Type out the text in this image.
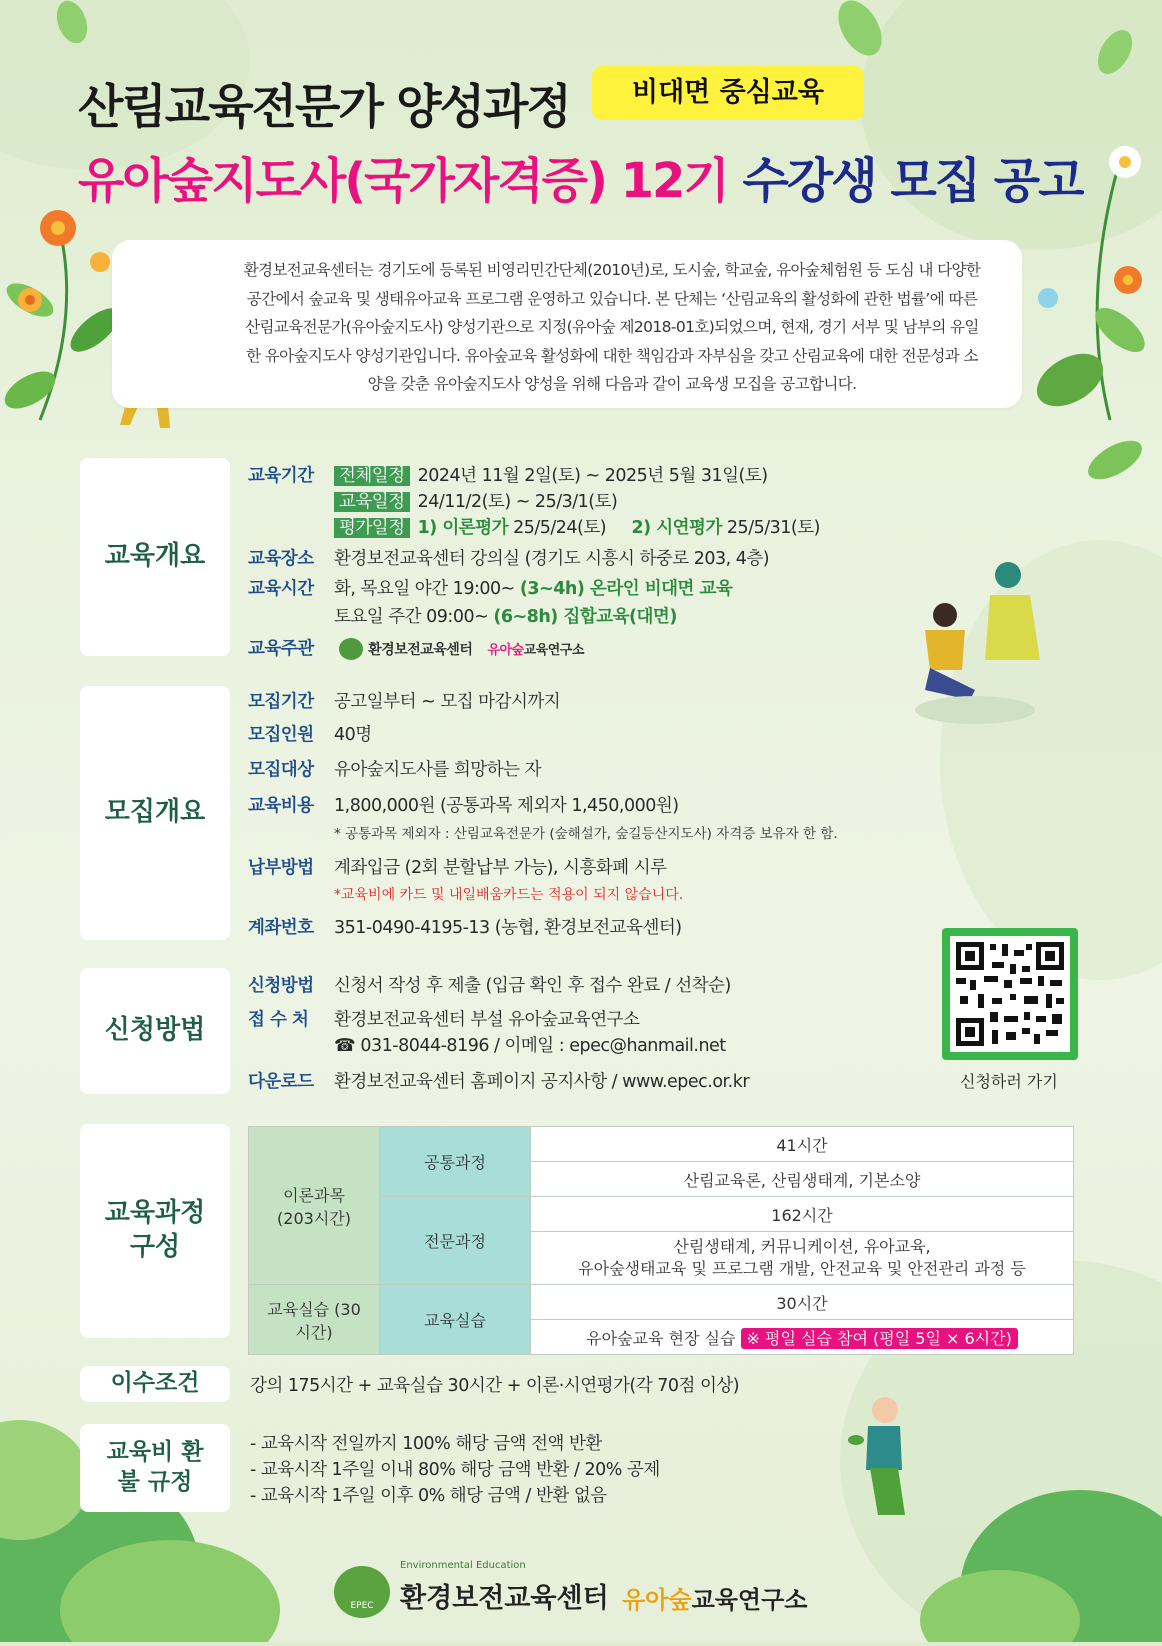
산림교육전문가 양성과정	비대면 중심교육
유아숲지도사(국가자격증) 12기 수강생 모집 공고

환경보전교육센터는 경기도에 등록된 비영리민간단체(2010년)로, 도시숲, 학교숲, 유아숲체험원 등 도심 내 다양한 공간에서 숲교육 및 생태유아교육 프로그램 운영하고 있습니다. 본 단체는 ‘산림교육의 활성화에 관한 법률’에 따른 산림교육전문가(유아숲지도사) 양성기관으로 지정(유아숲 제2018-01호)되었으며, 현재, 경기 서부 및 남부의 유일한 유아숲지도사 양성기관입니다. 유아숲교육 활성화에 대한 책임감과 자부심을 갖고 산림교육에 대한 전문성과 소양을 갖춘 유아숲지도사 양성을 위해 다음과 같이 교육생 모집을 공고합니다.

교육개요
교육기간 전체일정 2024년 11월 2일(토) ~ 2025년 5월 31일(토)
교육일정 24/11/2(토) ~ 25/3/1(토)
평가일정 1) 이론평가 25/5/24(토) 2) 시연평가 25/5/31(토)
교육장소 환경보전교육센터 강의실 (경기도 시흥시 하중로 203, 4층)
교육시간 화, 목요일 야간 19:00~ (3~4h) 온라인 비대면 교육
토요일 주간 09:00~ (6~8h) 집합교육(대면)
교육주관	환경보전교육센터 유아숲교육연구소
모집개요
모집기간 공고일부터 ~ 모집 마감시까지
모집인원 40명
모집대상 유아숲지도사를 희망하는 자
교육비용 1,800,000원 (공통과목 제외자 1,450,000원)
* 공통과목 제외자 : 산림교육전문가 (숲해설가, 숲길등산지도사) 자격증 보유자 한 함.
납부방법 계좌입금 (2회 분할납부 가능), 시흥화폐 시루
*교육비에 카드 및 내일배움카드는 적용이 되지 않습니다.
계좌번호 351-0490-4195-13 (농협, 환경보전교육센터)
신청방법
신청방법 신청서 작성 후 제출 (입금 확인 후 접수 완료 / 선착순)
접 수 처 환경보전교육센터 부설 유아숲교육연구소
☎ 031-8044-8196 / 이메일 : epec@hanmail.net
다운로드 환경보전교육센터 홈페이지 공지사항 / www.epec.or.kr	신청하러 가기
교육과정 구성
이론과목 (203시간)	공통과정	41시간
		산림교육론, 산림생태계, 기본소양
	전문과정	162시간
		산림생태계, 커뮤니케이션, 유아교육,
유아숲생태교육 및 프로그램 개발, 안전교육 및 안전관리 과정 등
교육실습 (30시간)	교육실습	30시간
		유아숲교육 현장 실습 ※ 평일 실습 참여 (평일 5일 × 6시간)
이수조건	강의 175시간 + 교육실습 30시간 + 이론·시연평가(각 70점 이상)
교육비 환불 규정
- 교육시작 전일까지 100% 해당 금액 전액 반환
- 교육시작 1주일 이내 80% 해당 금액 반환 / 20% 공제
- 교육시작 1주일 이후 0% 해당 금액 / 반환 없음
EPEC
Environmental Education
환경보전교육센터 유아숲교육연구소
